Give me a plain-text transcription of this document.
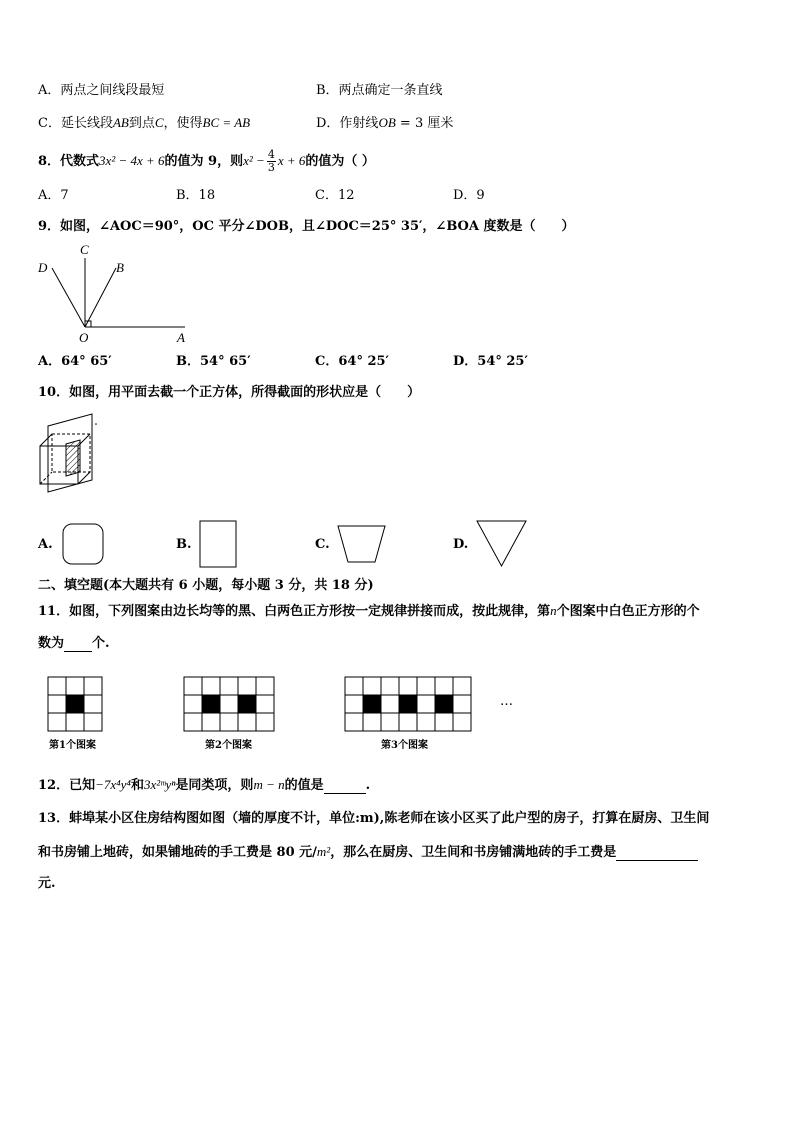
A．两点之间线段最短	B．两点确定一条直线
C．延长线段AB到点C，使得BC = AB	D．作射线OB = 3 厘米
8．代数式3x² − 4x + 6的值为 9，则$x^2 - \frac{4}{3}$ x + 6的值为（ ）
A．7	B．18	C．12	D．9
9．如图，∠AOC＝90°，OC 平分∠DOB，且∠DOC＝25° 35′，∠BOA 度数是（　　）
C
D	B
O	A
A．64° 65′	B．54° 65′	C．64° 25′	D．54° 25′
10．如图，用平面去截一个正方体，所得截面的形状应是（　　）
A.	B.	C.	D.
二、填空题(本大题共有 6 小题，每小题 3 分，共 18 分)
11．如图，下列图案由边长均等的黑、白两色正方形按一定规律拼接而成，按此规律，第n个图案中白色正方形的个
数为 个.
第1个图案	第2个图案	第3个图案
…
12．已知−7x⁴y⁴和3x²ᵐyⁿ是同类项，则m − n的值是	.
13．蚌埠某小区住房结构图如图（墙的厚度不计，单位:m),陈老师在该小区买了此户型的房子，打算在厨房、卫生间
和书房铺上地砖，如果铺地砖的手工费是 80 元/m²，那么在厨房、卫生间和书房铺满地砖的手工费是
元.
